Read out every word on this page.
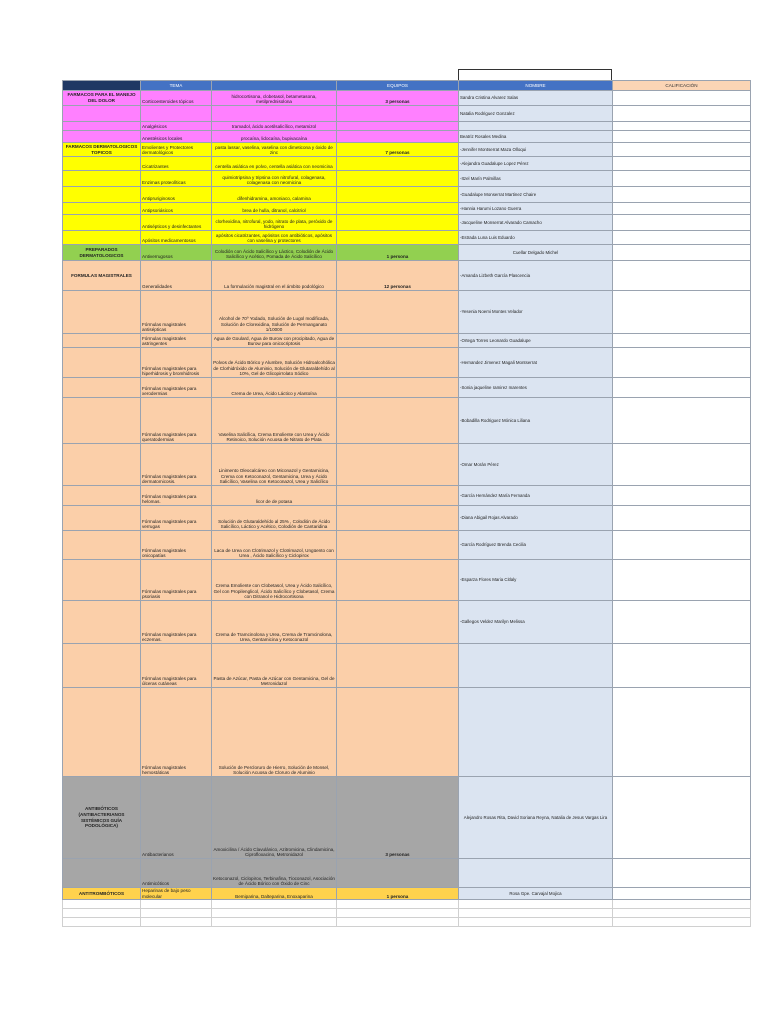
	TEMA		EQUIPOS	NOMBRE	CALIFICACIÓN
FARMACOS PARA EL MANEJO DEL DOLOR	Corticoesteroides tópicos	hidrocortisona, clobetasol, betametasona, metilprednisolona	3 personas	Sandra Cristina Alvarez Salas	
				Natalia Rodriguez Gonzalez	
	Analgésicos	tramadol, ácido acetilsalicílico, metamizol			
	Anestésicos locales	procaína, lidocaína, bupivacaína		Beatriz Rosales Medina	
FARMACOS DERMATOLOGICOS TOPICOS	Emolientes y Protectores dermatológicos	pasta lassar, vaselina, vaselina con dimeticona y óxido de zinc	7 personas	-Jennifer Montserrat Maza Olloqui	
	Cicatrizantes	centella asiática en polvo, centella asiática con neomicina		-Alejandra Guadalupe Lopez Pérez	
	Enzimas proteolíticas	quimiotripsina y tripsina con nitrofural, colagenasa, colagenasa con neomicina		-Itzel Marín Palmillas	
	Antipruriginosos	difenhidramina, amoniaco, calamina		-Guadalupe Monserrat Martinez Chaire	
	Antipsoriásicos	brea de hulla, ditranol, calcitriol		-Hannia Harumi Lozano Guerra	
	Antisépticos y desinfectantes	clorhexidina, nitrofural, yodo, nitrato de plata, peróxido de hidrógeno		-Jacqueline Monserrat Alvarado Camacho	
	Apósitos medicamentosos	apósitos cicatrizantes, apósitos con antibióticos, apósitos con vaselina y protectores		-Estrada Luna Luis Eduardo	
PREPARADOS DERMATOLOGICOS	Antiverrugosos	Colodión con Ácido Salicílico y Láctico, Colodión de Ácido Salicílico y Acético, Pomada de Ácido Salicílico	1 persona	Cuellar Delgado Michel	
FORMULAS MAGISTRALES	Generalidades	La formulación magistral en el ámbito podológico	12 personas	-Amanda Lizbeth García Plascencia	
	Fórmulas magistrales antisépticas	Alcohol de 70º Yodado, Solución de Lugol modificada, Solución de Clorexidina, Solución de Permanganato 1/10000		-Yesenia Noemi Montes Velador	
	Fórmulas magistrales astringentes	Agua de Goulard, Agua de Burow con procipitado, Agua de Burow para onicocriptosis		-Ortega Torres Leonardo Guadalupe	
	Fórmulas magistrales para hiperhidrosis y bromhidrosis	Polvos de Ácido Bórico y Alumbre, Solución Hidroalcohólica de Clorhidróxido de Aluminio, Solución de Glutaraldehído al 10%, Gel de Glicopirrolato Sódico		-Hernandez Jimenez Magali Montserrat	
	Fórmulas magistrales para xerodermias	Crema de Urea, Ácido Láctico y Alantoína		-Sonia jaqueline ramirez marentes	
	Fórmulas magistrales para queratodermias	Vaselina Salicílica, Crema Emoliente con Urea y Ácido Retinoico, Solución Acuosa de Nitrato de Plata		-Bobadilla Rodriguez Mónica Liliana	
	Fórmulas magistrales para dermatomicosis.	Linimento Oleocalcáreo con Miconazol y Gentamicina, Crema con Ketoconazol, Gentamicina, Urea y Ácido Salicílico, Vaselina con Ketoconazol, Urea y Salicílico		-Omar Morán Pérez	
	Fórmulas magistrales para helomas.	licor de de potasa		-García Hernández María Fernanda	
	Fórmulas magistrales para verrugas	Solución de Glutaraldehído al 25% , Colodión de Ácido Salicílico, Láctico y Acético, Colodión de Cantaridina		-Diana Abigail Rojas Alvarado	
	Fórmulas magistrales onicopatías	Laca de Urea con Clotrimazol y Clotrimazol, Ungüento con Urea , Ácido Salicílico y Ciclopirox		-García Rodríguez Brenda Cecilia	
	Fórmulas magistrales para psoriasis	Crema Emoliente con Clobetasol, Urea y Ácido Salicílico, Gel con Propilenglicol, Ácido Salicílico y Clobetasol, Crema con Ditranol e Hidrocortisona		-Esparza Flores Maria Citlaly	
	Fórmulas magistrales para eczemas.	Crema de Tramcinolona y Urea, Crema de Tramcinolona, Urea, Gentamicina y Ketoconazol		-Gallegos Veldez Marilyn Melissa	
	Fórmulas magistrales para úlceras cutáneas	Pasta de Azúcar, Pasta de Azúcar con Gentamicina, Gel de Metronidazol			
	Fórmulas magistrales hemostáticas	Solución de Percloruro de Hierro, Solución de Monsel, Solución Acuosa de Cloruro de Aluminio			
ANTIBIÓTICOS (ANTIBACTERIANOS SISTÉMICOS GUÍA PODOLÓGICA)	Antibacterianos	Amoxicilina / Ácido Clavulánico, Azitromicina, Clindamicina, Ciprofloxacino, Metronidazol	3 personas	Alejandro Rosas Rita, David Soriana Reyna, Natalia de Jesus Vargas Lira	
	Antimicóticos	Ketoconazol, Ciclopirox, Terbinafina, Tioconazol, Asociación de Ácido Bórico con Óxido de Cinc			
ANTITROMBÓTICOS	Heparinas de bajo peso molecular	Bemiparina, Dalteparina, Enoxaparina	1 persona	Rosa Gpe. Carvajal Mojica	
